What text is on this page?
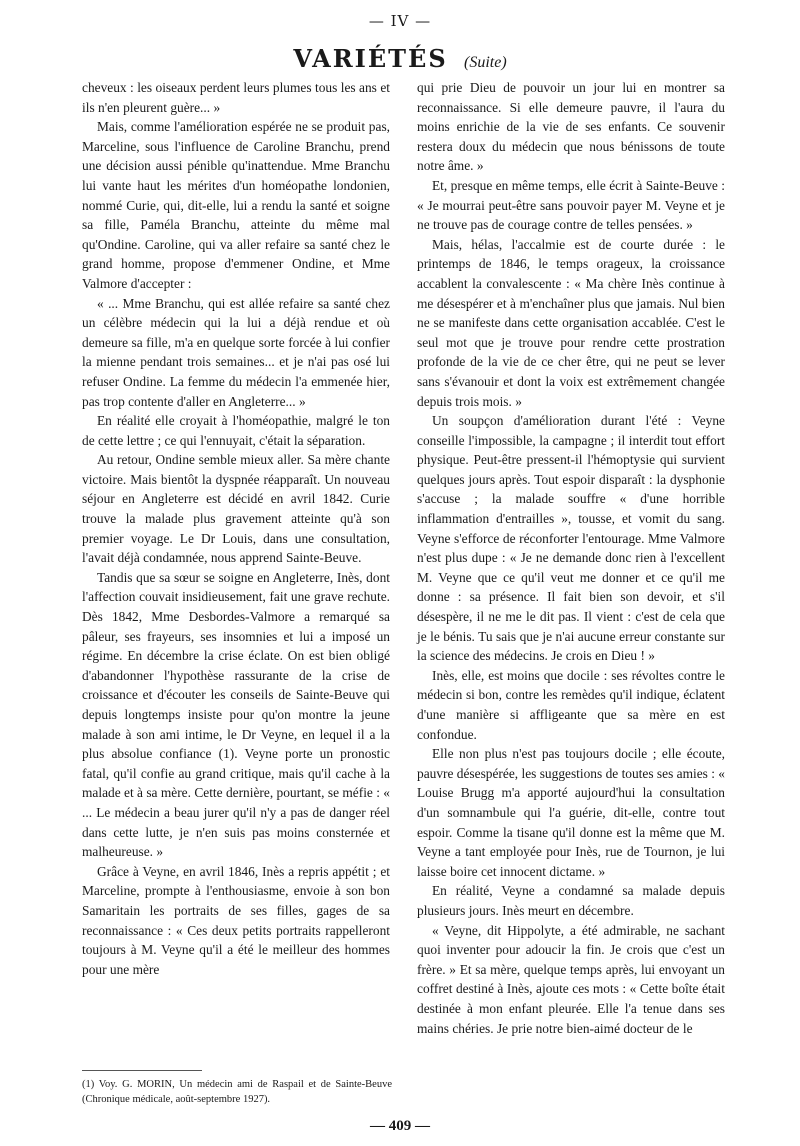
— IV —
VARIÉTÉS (Suite)

cheveux : les oiseaux perdent leurs plumes tous les ans et ils n'en pleurent guère... »

Mais, comme l'amélioration espérée ne se produit pas, Marceline, sous l'influence de Caroline Branchu, prend une décision aussi pénible qu'inattendue. Mme Branchu lui vante haut les mérites d'un homéopathe londonien, nommé Curie, qui, dit-elle, lui a rendu la santé et soigne sa fille, Paméla Branchu, atteinte du même mal qu'Ondine. Caroline, qui va aller refaire sa santé chez le grand homme, propose d'emmener Ondine, et Mme Valmore d'accepter :

« ... Mme Branchu, qui est allée refaire sa santé chez un célèbre médecin qui la lui a déjà rendue et où demeure sa fille, m'a en quelque sorte forcée à lui confier la mienne pendant trois semaines... et je n'ai pas osé lui refuser Ondine. La femme du médecin l'a emmenée hier, pas trop contente d'aller en Angleterre... »

En réalité elle croyait à l'homéopathie, malgré le ton de cette lettre ; ce qui l'ennuyait, c'était la séparation.

Au retour, Ondine semble mieux aller. Sa mère chante victoire. Mais bientôt la dyspnée réapparaît. Un nouveau séjour en Angleterre est décidé en avril 1842. Curie trouve la malade plus gravement atteinte qu'à son premier voyage. Le Dr Louis, dans une consultation, l'avait déjà condamnée, nous apprend Sainte-Beuve.

Tandis que sa sœur se soigne en Angleterre, Inès, dont l'affection couvait insidieusement, fait une grave rechute. Dès 1842, Mme Desbordes-Valmore a remarqué sa pâleur, ses frayeurs, ses insomnies et lui a imposé un régime. En décembre la crise éclate. On est bien obligé d'abandonner l'hypothèse rassurante de la crise de croissance et d'écouter les conseils de Sainte-Beuve qui depuis longtemps insiste pour qu'on montre la jeune malade à son ami intime, le Dr Veyne, en lequel il a la plus absolue confiance (1). Veyne porte un pronostic fatal, qu'il confie au grand critique, mais qu'il cache à la malade et à sa mère. Cette dernière, pourtant, se méfie : « ... Le médecin a beau jurer qu'il n'y a pas de danger réel dans cette lutte, je n'en suis pas moins consternée et malheureuse. »

Grâce à Veyne, en avril 1846, Inès a repris appétit ; et Marceline, prompte à l'enthousiasme, envoie à son bon Samaritain les portraits de ses filles, gages de sa reconnaissance : « Ces deux petits portraits rappelleront toujours à M. Veyne qu'il a été le meilleur des hommes pour une mère

qui prie Dieu de pouvoir un jour lui en montrer sa reconnaissance. Si elle demeure pauvre, il l'aura du moins enrichie de la vie de ses enfants. Ce souvenir restera doux du médecin que nous bénissons de toute notre âme. »

Et, presque en même temps, elle écrit à Sainte-Beuve : « Je mourrai peut-être sans pouvoir payer M. Veyne et je ne trouve pas de courage contre de telles pensées. »

Mais, hélas, l'accalmie est de courte durée : le printemps de 1846, le temps orageux, la croissance accablent la convalescente : « Ma chère Inès continue à me désespérer et à m'enchaîner plus que jamais. Nul bien ne se manifeste dans cette organisation accablée. C'est le seul mot que je trouve pour rendre cette prostration profonde de la vie de ce cher être, qui ne peut se lever sans s'évanouir et dont la voix est extrêmement changée depuis trois mois. »

Un soupçon d'amélioration durant l'été : Veyne conseille l'impossible, la campagne ; il interdit tout effort physique. Peut-être pressent-il l'hémoptysie qui survient quelques jours après. Tout espoir disparaît : la dysphonie s'accuse ; la malade souffre « d'une horrible inflammation d'entrailles », tousse, et vomit du sang. Veyne s'efforce de réconforter l'entourage. Mme Valmore n'est plus dupe : « Je ne demande donc rien à l'excellent M. Veyne que ce qu'il veut me donner et ce qu'il me donne : sa présence. Il fait bien son devoir, et s'il désespère, il ne me le dit pas. Il vient : c'est de cela que je le bénis. Tu sais que je n'ai aucune erreur constante sur la science des médecins. Je crois en Dieu ! »

Inès, elle, est moins que docile : ses révoltes contre le médecin si bon, contre les remèdes qu'il indique, éclatent d'une manière si affligeante que sa mère en est confondue.

Elle non plus n'est pas toujours docile ; elle écoute, pauvre désespérée, les suggestions de toutes ses amies : « Louise Brugg m'a apporté aujourd'hui la consultation d'un somnambule qui l'a guérie, dit-elle, contre tout espoir. Comme la tisane qu'il donne est la même que M. Veyne a tant employée pour Inès, rue de Tournon, je lui laisse boire cet innocent dictame. »

En réalité, Veyne a condamné sa malade depuis plusieurs jours. Inès meurt en décembre.

« Veyne, dit Hippolyte, a été admirable, ne sachant quoi inventer pour adoucir la fin. Je crois que c'est un frère. » Et sa mère, quelque temps après, lui envoyant un coffret destiné à Inès, ajoute ces mots : « Cette boîte était destinée à mon enfant pleurée. Elle l'a tenue dans ses mains chéries. Je prie notre bien-aimé docteur de le

(1) Voy. G. MORIN, Un médecin ami de Raspail et de Sainte-Beuve (Chronique médicale, août-septembre 1927).
— 409 —
